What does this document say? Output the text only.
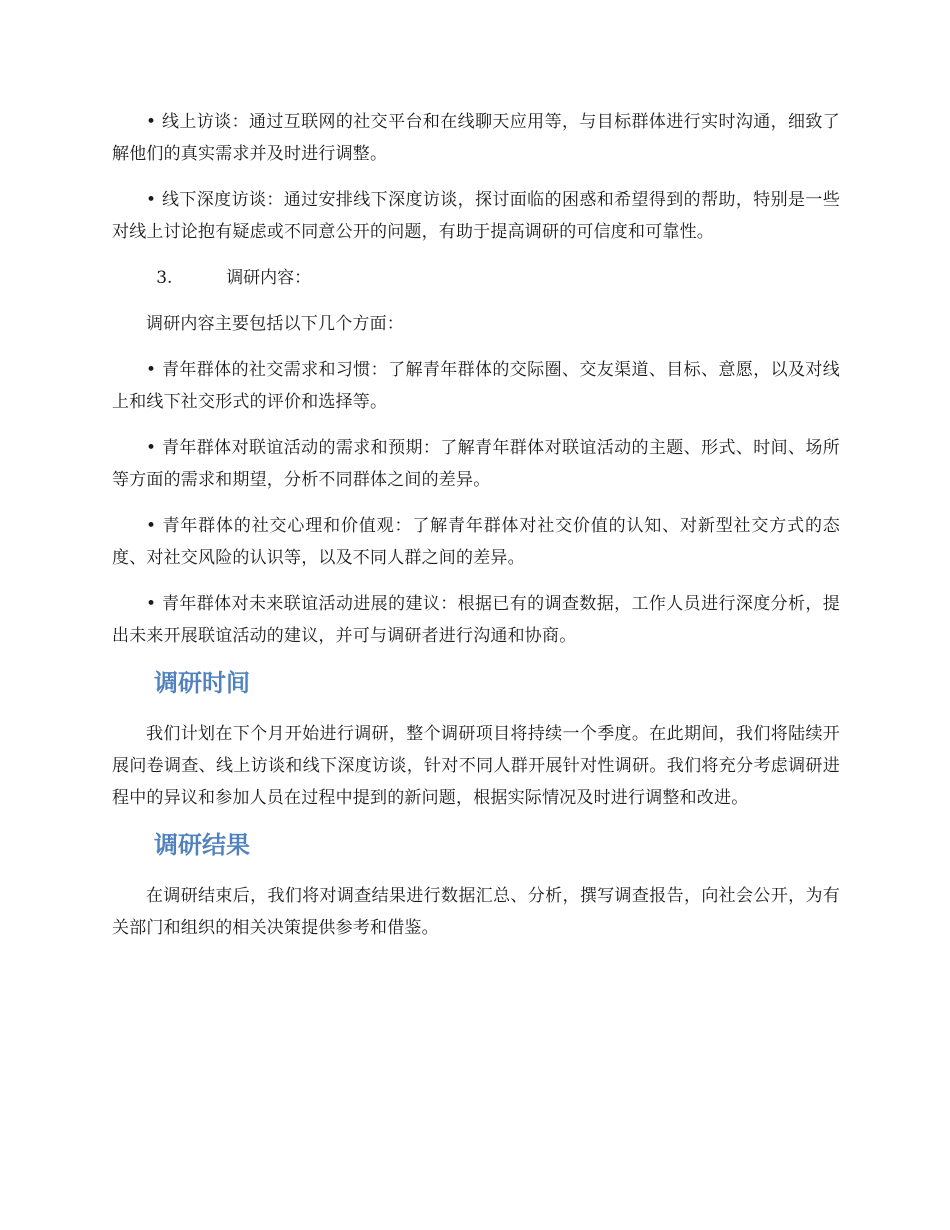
• 线上访谈：通过互联网的社交平台和在线聊天应用等，与目标群体进行实时沟通，细致了解他们的真实需求并及时进行调整。

• 线下深度访谈：通过安排线下深度访谈，探讨面临的困惑和希望得到的帮助，特别是一些对线上讨论抱有疑虑或不同意公开的问题，有助于提高调研的可信度和可靠性。

3.	调研内容：

调研内容主要包括以下几个方面：

• 青年群体的社交需求和习惯：了解青年群体的交际圈、交友渠道、目标、意愿，以及对线上和线下社交形式的评价和选择等。

• 青年群体对联谊活动的需求和预期：了解青年群体对联谊活动的主题、形式、时间、场所等方面的需求和期望，分析不同群体之间的差异。

• 青年群体的社交心理和价值观：了解青年群体对社交价值的认知、对新型社交方式的态度、对社交风险的认识等，以及不同人群之间的差异。

• 青年群体对未来联谊活动进展的建议：根据已有的调查数据，工作人员进行深度分析，提出未来开展联谊活动的建议，并可与调研者进行沟通和协商。

调研时间

我们计划在下个月开始进行调研，整个调研项目将持续一个季度。在此期间，我们将陆续开展问卷调查、线上访谈和线下深度访谈，针对不同人群开展针对性调研。我们将充分考虑调研进程中的异议和参加人员在过程中提到的新问题，根据实际情况及时进行调整和改进。

调研结果

在调研结束后，我们将对调查结果进行数据汇总、分析，撰写调查报告，向社会公开，为有关部门和组织的相关决策提供参考和借鉴。
